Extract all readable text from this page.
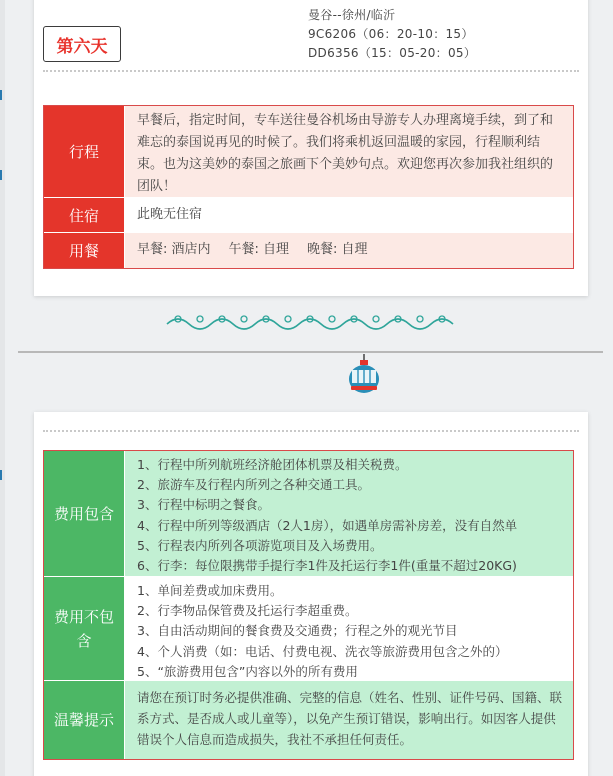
曼谷--徐州/临沂
9C6206（06：20-10：15）
DD6356（15：05-20：05）
第六天
行程
早餐后，指定时间，专车送往曼谷机场由导游专人办理离境手续，到了和难忘的泰国说再见的时候了。我们将乘机返回温暖的家园，行程顺利结束。也为这美妙的泰国之旅画下个美妙句点。欢迎您再次参加我社组织的团队！
住宿	此晚无住宿
用餐	早餐: 酒店内 午餐: 自理 晚餐: 自理
费用包含
1、行程中所列航班经济舱团体机票及相关税费。
2、旅游车及行程内所列之各种交通工具。
3、行程中标明之餐食。
4、行程中所列等级酒店（2人1房），如遇单房需补房差，没有自然单
5、行程表内所列各项游览项目及入场费用。
6、行李：每位限携带手提行李1件及托运行李1件(重量不超过20KG)
费用不包含
1、单间差费或加床费用。
2、行李物品保管费及托运行李超重费。
3、自由活动期间的餐食费及交通费；行程之外的观光节目
4、个人消费（如：电话、付费电视、洗衣等旅游费用包含之外的）
5、“旅游费用包含”内容以外的所有费用
温馨提示
请您在预订时务必提供准确、完整的信息（姓名、性别、证件号码、国籍、联系方式、是否成人或儿童等），以免产生预订错误，影响出行。如因客人提供错误个人信息而造成损失，我社不承担任何责任。
